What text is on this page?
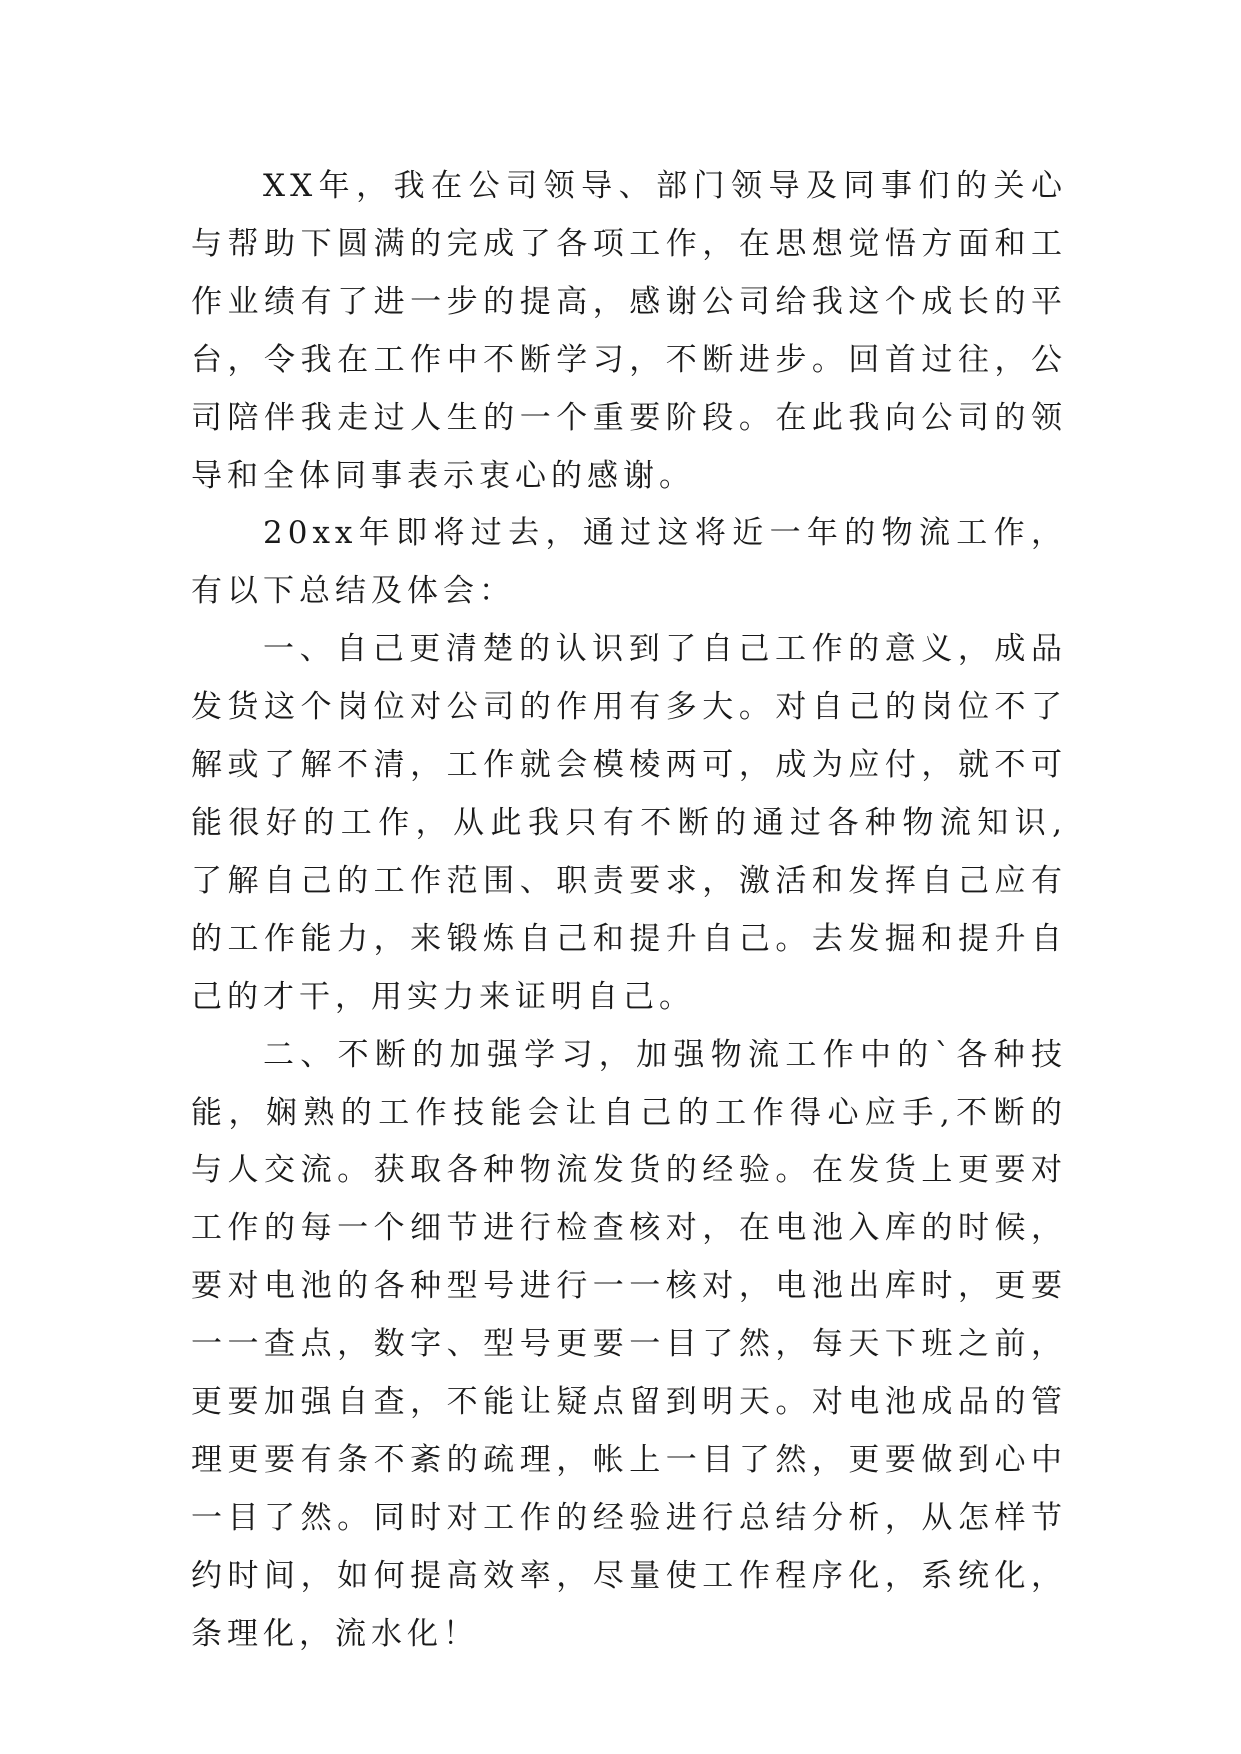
XX年，我在公司领导、部门领导及同事们的关心与帮助下圆满的完成了各项工作，在思想觉悟方面和工作业绩有了进一步的提高，感谢公司给我这个成长的平台，令我在工作中不断学习，不断进步。回首过往，公司陪伴我走过人生的一个重要阶段。在此我向公司的领导和全体同事表示衷心的感谢。

20xx年即将过去，通过这将近一年的物流工作，有以下总结及体会：

一、自己更清楚的认识到了自己工作的意义，成品发货这个岗位对公司的作用有多大。对自己的岗位不了解或了解不清，工作就会模棱两可，成为应付，就不可能很好的工作，从此我只有不断的通过各种物流知识,了解自己的工作范围、职责要求，激活和发挥自己应有的工作能力，来锻炼自己和提升自己。去发掘和提升自己的才干，用实力来证明自己。

二、不断的加强学习，加强物流工作中的`各种技能，娴熟的工作技能会让自己的工作得心应手,不断的与人交流。获取各种物流发货的经验。在发货上更要对工作的每一个细节进行检查核对，在电池入库的时候，要对电池的各种型号进行一一核对，电池出库时，更要一一查点，数字、型号更要一目了然，每天下班之前，更要加强自查，不能让疑点留到明天。对电池成品的管理更要有条不紊的疏理，帐上一目了然，更要做到心中一目了然。同时对工作的经验进行总结分析，从怎样节约时间，如何提高效率，尽量使工作程序化，系统化，条理化，流水化！
